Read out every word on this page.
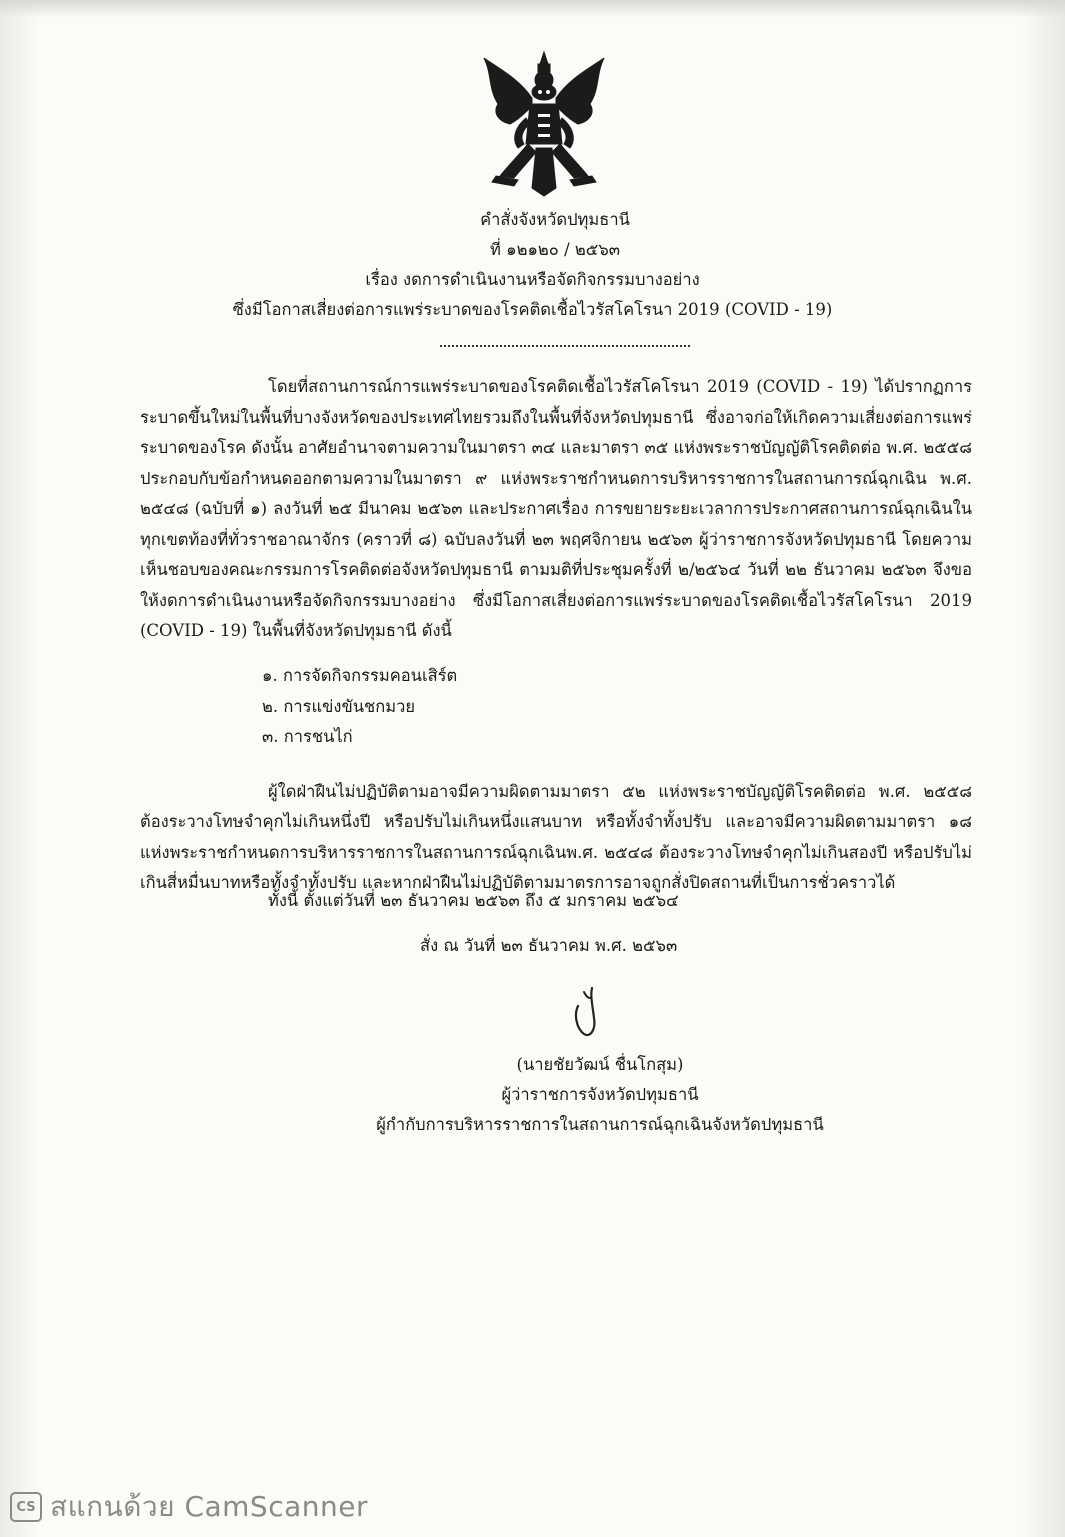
คำสั่งจังหวัดปทุมธานี
ที่ ๑๒๑๒๐ / ๒๕๖๓
เรื่อง งดการดำเนินงานหรือจัดกิจกรรมบางอย่าง
ซึ่งมีโอกาสเสี่ยงต่อการแพร่ระบาดของโรคติดเชื้อไวรัสโคโรนา 2019 (COVID - 19)

โดยที่สถานการณ์การแพร่ระบาดของโรคติดเชื้อไวรัสโคโรนา 2019 (COVID - 19) ได้ปรากฏการระบาดขึ้นใหม่ในพื้นที่บางจังหวัดของประเทศไทยรวมถึงในพื้นที่จังหวัดปทุมธานี ซึ่งอาจก่อให้เกิดความเสี่ยงต่อการแพร่ระบาดของโรค ดังนั้น อาศัยอำนาจตามความในมาตรา ๓๔ และมาตรา ๓๕ แห่งพระราชบัญญัติโรคติดต่อ พ.ศ. ๒๕๕๘ ประกอบกับข้อกำหนดออกตามความในมาตรา ๙ แห่งพระราชกำหนดการบริหารราชการในสถานการณ์ฉุกเฉิน พ.ศ. ๒๕๔๘ (ฉบับที่ ๑) ลงวันที่ ๒๕ มีนาคม ๒๕๖๓ และประกาศเรื่อง การขยายระยะเวลาการประกาศสถานการณ์ฉุกเฉินในทุกเขตท้องที่ทั่วราชอาณาจักร (คราวที่ ๘) ฉบับลงวันที่ ๒๓ พฤศจิกายน ๒๕๖๓ ผู้ว่าราชการจังหวัดปทุมธานี โดยความเห็นชอบของคณะกรรมการโรคติดต่อจังหวัดปทุมธานี ตามมติที่ประชุมครั้งที่ ๒/๒๕๖๔ วันที่ ๒๒ ธันวาคม ๒๕๖๓ จึงขอให้งดการดำเนินงานหรือจัดกิจกรรมบางอย่าง ซึ่งมีโอกาสเสี่ยงต่อการแพร่ระบาดของโรคติดเชื้อไวรัสโคโรนา 2019 (COVID - 19) ในพื้นที่จังหวัดปทุมธานี ดังนี้

๑. การจัดกิจกรรมคอนเสิร์ต
๒. การแข่งขันชกมวย
๓. การชนไก่

ผู้ใดฝ่าฝืนไม่ปฏิบัติตามอาจมีความผิดตามมาตรา ๕๒ แห่งพระราชบัญญัติโรคติดต่อ พ.ศ. ๒๕๕๘ ต้องระวางโทษจำคุกไม่เกินหนึ่งปี หรือปรับไม่เกินหนึ่งแสนบาท หรือทั้งจำทั้งปรับ และอาจมีความผิดตามมาตรา ๑๘ แห่งพระราชกำหนดการบริหารราชการในสถานการณ์ฉุกเฉินพ.ศ. ๒๕๔๘ ต้องระวางโทษจำคุกไม่เกินสองปี หรือปรับไม่เกินสี่หมื่นบาทหรือทั้งจำทั้งปรับ และหากฝ่าฝืนไม่ปฏิบัติตามมาตรการอาจถูกสั่งปิดสถานที่เป็นการชั่วคราวได้

ทั้งนี้ ตั้งแต่วันที่ ๒๓ ธันวาคม ๒๕๖๓ ถึง ๕ มกราคม ๒๕๖๔
สั่ง ณ วันที่ ๒๓ ธันวาคม พ.ศ. ๒๕๖๓
(นายชัยวัฒน์ ชื่นโกสุม)
ผู้ว่าราชการจังหวัดปทุมธานี
ผู้กำกับการบริหารราชการในสถานการณ์ฉุกเฉินจังหวัดปทุมธานี
CS สแกนด้วย CamScanner
